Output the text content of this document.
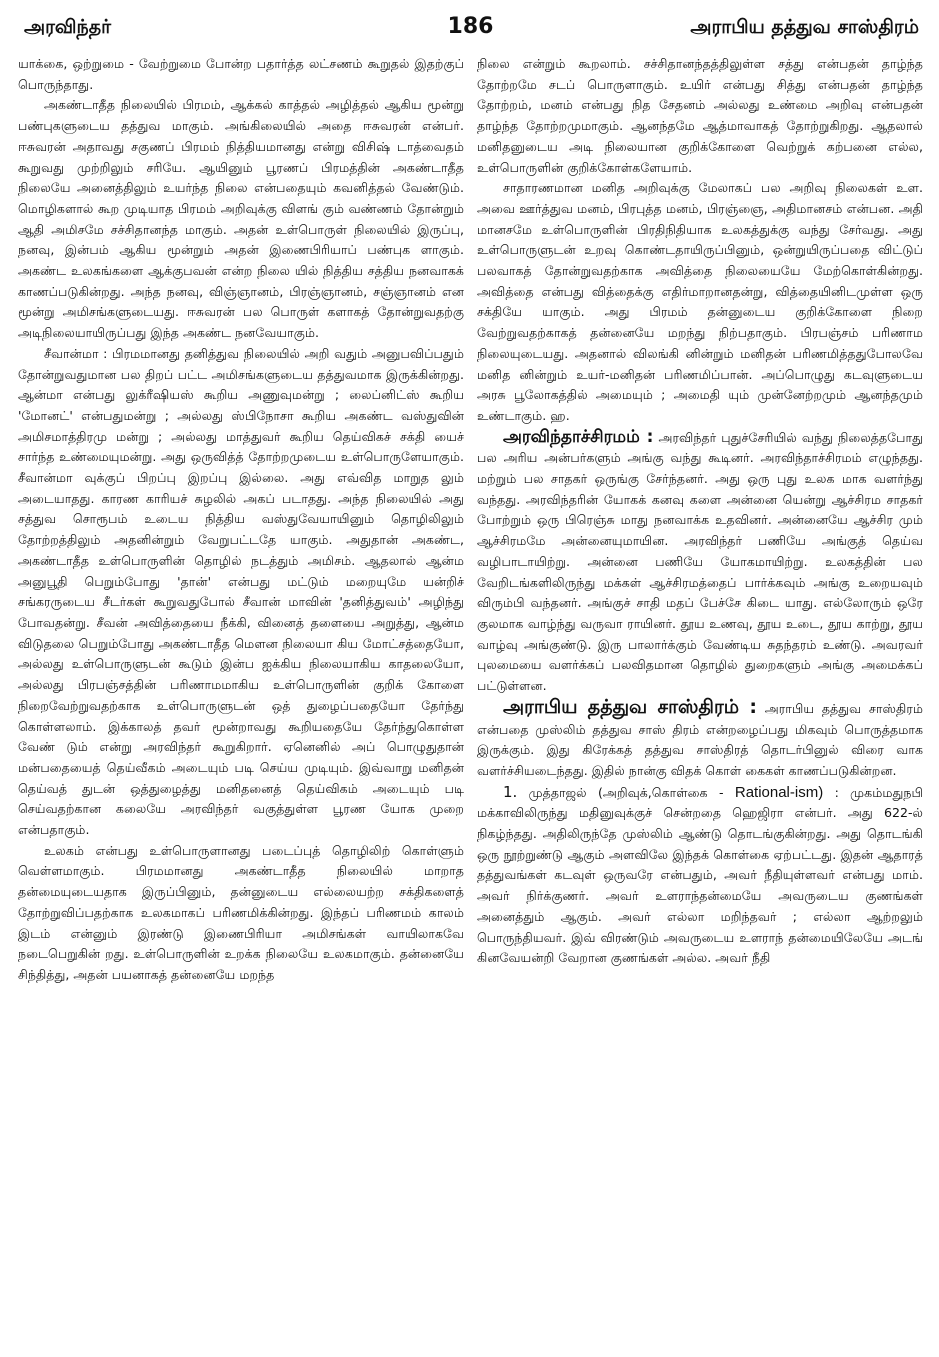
அரவிந்தர்	186	அராபிய தத்துவ சாஸ்திரம்

யாக்கை, ஒற்றுமை - வேற்றுமை போன்ற பதார்த்த லட்சணம் கூறுதல் இதற்குப் பொருந்தாது.

அகண்டாதீத நிலையில் பிரமம், ஆக்கல் காத்தல் அழித்தல் ஆகிய மூன்று பண்புகளுடைய தத்துவ மாகும். அங்கிலையில் அதை ஈசுவரன் என்பர். ஈசுவரன் அதாவது சகுணப் பிரமம் நித்தியமானது என்று விசிஷ் டாத்வைதம் கூறுவது முற்றிலும் சரியே. ஆயினும் பூரணப் பிரமத்தின் அகண்டாதீத நிலையே அனைத்திலும் உயர்ந்த நிலை என்பதையும் கவனித்தல் வேண்டும். மொழிகளால் கூற முடியாத பிரமம் அறிவுக்கு விளங் கும் வண்ணம் தோன்றும் ஆதி அமிசமே சச்சிதானந்த மாகும். அதன் உள்பொருள் நிலையில் இருப்பு, நனவு, இன்பம் ஆகிய மூன்றும் அதன் இணைபிரியாப் பண்புக ளாகும். அகண்ட உலகங்களை ஆக்குபவன் என்ற நிலை யில் நித்திய சத்திய நனவாகக் காணப்படுகின்றது. அந்த நனவு, விஞ்ஞானம், பிரஞ்ஞானம், சஞ்ஞானம் என மூன்று அமிசங்களுடையது. ஈசுவரன் பல பொருள் களாகத் தோன்றுவதற்கு அடிநிலையாயிருப்பது இந்த அகண்ட நனவேயாகும்.

சீவான்மா : பிரமமானது தனித்துவ நிலையில் அறி வதும் அனுபவிப்பதும் தோன்றுவதுமான பல திறப் பட்ட அமிசங்களுடைய தத்துவமாக இருக்கின்றது. ஆன்மா என்பது லுக்ரீஷியஸ் கூறிய அணுவுமன்று ; லைப்னிட்ஸ் கூறிய 'மோனட்' என்பதுமன்று ; அல்லது ஸ்பிநோசா கூறிய அகண்ட வஸ்துவின் அமிசமாத்திரமு மன்று ; அல்லது மாத்துவர் கூறிய தெய்விகச் சக்தி யைச் சார்ந்த உண்மையுமன்று. அது ஒருவித்த் தோற்றமுடைய உள்பொருளேயாகும். சீவான்மா வுக்குப் பிறப்பு இறப்பு இல்லை. அது எவ்வித மாறுத லும் அடையாதது. காரண காரியச் சுழலில் அகப் படாதது. அந்த நிலையில் அது சத்துவ சொரூபம் உடைய நித்திய வஸ்துவேயாயினும் தொழிலிலும் தோற்றத்திலும் அதனின்றும் வேறுபட்டதே யாகும். அதுதான் அகண்ட, அகண்டாதீத உள்பொருளின் தொழில் நடத்தும் அமிசம். ஆதலால் ஆன்ம அனுபூதி பெறும்போது 'தான்' என்பது மட்டும் மறையுமே யன்றிச் சங்கரருடைய சீடர்கள் கூறுவதுபோல் சீவான் மாவின் 'தனித்துவம்' அழிந்து போவதன்று. சீவன் அவித்தையை நீக்கி, வினைத் தளையை அறுத்து, ஆன்ம விடுதலை பெறும்போது அகண்டாதீத மௌன நிலையா கிய மோட்சத்தையோ, அல்லது உள்பொருளுடன் கூடும் இன்ப ஐக்கிய நிலையாகிய காதலையோ, அல்லது பிரபஞ்சத்தின் பரிணாமமாகிய உள்பொருளின் குறிக் கோளை நிறைவேற்றுவதற்காக உள்பொருளுடன் ஒத் துழைப்பதையோ தேர்ந்து கொள்ளலாம். இக்காலத் தவர் மூன்றாவது கூறியதையே தேர்ந்துகொள்ள வேண் டும் என்று அரவிந்தர் கூறுகிறார். ஏனெனில் அப் பொழுதுதான் மன்பதையைத் தெய்வீகம் அடையும் படி செய்ய முடியும். இவ்வாறு மனிதன் தெய்வத் துடன் ஒத்துழைத்து மனிதனைத் தெய்விகம் அடையும் படி செய்வதற்கான கலையே அரவிந்தர் வகுத்துள்ள பூரண யோக முறை என்பதாகும்.

உலகம் என்பது உள்பொருளானது படைப்புத் தொழிலிற் கொள்ளும் வெள்ளமாகும். பிரமமானது அகண்டாதீத நிலையில் மாறாத தன்மையுடையதாக இருப்பினும், தன்னுடைய எல்லையற்ற சக்திகளைத் தோற்றுவிப்பதற்காக உலகமாகப் பரிணமிக்கின்றது. இந்தப் பரிணமம் காலம் இடம் என்னும் இரண்டு இணைபிரியா அமிசங்கள் வாயிலாகவே நடைபெறுகின் றது. உள்பொருளின் உறக்க நிலையே உலகமாகும். தன்னையே சிந்தித்து, அதன் பயனாகத் தன்னையே மறந்த

நிலை என்றும் கூறலாம். சச்சிதானந்தத்திலுள்ள சத்து என்பதன் தாழ்ந்த தோற்றமே சடப் பொருளாகும். உயிர் என்பது சித்து என்பதன் தாழ்ந்த தோற்றம், மனம் என்பது நித சேதனம் அல்லது உண்மை அறிவு என்பதன் தாழ்ந்த தோற்றமுமாகும். ஆனந்தமே ஆத்மாவாகத் தோற்றுகிறது. ஆதலால் மனிதனுடைய அடி நிலையான குறிக்கோளை வெற்றுக் கற்பனை எல்ல, உள்பொருளின் குறிக்கோள்களேயாம்.

சாதாரணமான மனித அறிவுக்கு மேலாகப் பல அறிவு நிலைகள் உள. அவை ஊர்த்துவ மனம், பிரபுத்த மனம், பிரஞ்ஞை, அதிமானசம் என்பன. அதி மானசமே உள்பொருளின் பிரதிநிதியாக உலகத்துக்கு வந்து சேர்வது. அது உள்பொருளுடன் உறவு கொண்டதாயிருப்பினும், ஒன்றுயிருப்பதை விட்டுப் பலவாகத் தோன்றுவதற்காக அவித்தை நிலையையே மேற்கொள்கின்றது. அவித்தை என்பது வித்தைக்கு எதிர்மாறானதன்று, வித்தையினிடமுள்ள ஒரு சக்தியே யாகும். அது பிரமம் தன்னுடைய குறிக்கோளை நிறை வேற்றுவதற்காகத் தன்னையே மறந்து நிற்பதாகும். பிரபஞ்சம் பரிணாம நிலையுடையது. அதனால் விலங்கி னின்றும் மனிதன் பரிணமித்ததுபோலவே மனித னின்றும் உயர்-மனிதன் பரிணமிப்பான். அப்பொழுது கடவுளுடைய அரசு பூலோகத்தில் அமையும் ; அமைதி யும் முன்னேற்றமும் ஆனந்தமும் உண்டாகும். ஹ.

அரவிந்தாச்சிரமம் : அரவிந்தர் புதுச்சேரியில் வந்து நிலைத்தபோது பல அரிய அன்பர்களும் அங்கு வந்து கூடினர். அரவிந்தாச்சிரமம் எழுந்தது. மற்றும் பல சாதகர் ஒருங்கு சேர்ந்தனர். அது ஒரு புது உலக மாக வளர்ந்து வந்தது. அரவிந்தரின் யோகக் கனவு களை அன்னை யென்று ஆச்சிரம சாதகர் போற்றும் ஒரு பிரெஞ்சு மாது நனவாக்க உதவினர். அன்னையே ஆச்சிர மும் ஆச்சிரமமே அன்னையுமாயின. அரவிந்தர் பணியே அங்குத் தெய்வ வழிபாடாயிற்று. அன்னை பணியே யோகமாயிற்று. உலகத்தின் பல வேறிடங்களிலிருந்து மக்கள் ஆச்சிரமத்தைப் பார்க்கவும் அங்கு உறையவும் விரும்பி வந்தனர். அங்குச் சாதி மதப் பேச்சே கிடை யாது. எல்லோரும் ஒரே குலமாக வாழ்ந்து வருவா ராயினர். தூய உணவு, தூய உடை, தூய காற்று, தூய வாழ்வு அங்குண்டு. இரு பாலார்க்கும் வேண்டிய சுதந்தரம் உண்டு. அவரவர் புலமையை வளர்க்கப் பலவிதமான தொழில் துறைகளும் அங்கு அமைக்கப் பட்டுள்ளன.

அராபிய தத்துவ சாஸ்திரம் : அராபிய தத்துவ சாஸ்திரம் என்பதை முஸ்லிம் தத்துவ சாஸ் திரம் என்றழைப்பது மிகவும் பொருத்தமாக இருக்கும். இது கிரேக்கத் தத்துவ சாஸ்திரத் தொடர்பினுல் விரை வாக வளர்ச்சியடைந்தது. இதில் நான்கு விதக் கொள் கைகள் காணப்படுகின்றன.

1. முத்தாஜல் (அறிவுக்,கொள்கை - Rational-ism) : முகம்மதுநபி மக்காவிலிருந்து மதினுவுக்குச் சென்றதை ஹெஜிரா என்பர். அது 622-ல் நிகழ்ந்தது. அதிலிருந்தே முஸ்லிம் ஆண்டு தொடங்குகின்றது. அது தொடங்கி ஒரு நூற்றுண்டு ஆகும் அளவிலே இந்தக் கொள்கை ஏற்பட்டது. இதன் ஆதாரத் தத்துவங்கள் கடவுள் ஒருவரே என்பதும், அவர் நீதியுள்ளவர் என்பது மாம். அவர் நிர்க்குணர். அவர் உளராந்தன்மையே அவருடைய குணங்கள் அனைத்தும் ஆகும். அவர் எல்லா மறிந்தவர் ; எல்லா ஆற்றலும் பொருந்தியவர். இவ் விரண்டும் அவருடைய உளராந் தன்மையிலேயே அடங் கினவேயன்றி வேறான குணங்கள் அல்ல. அவர் நீதி
